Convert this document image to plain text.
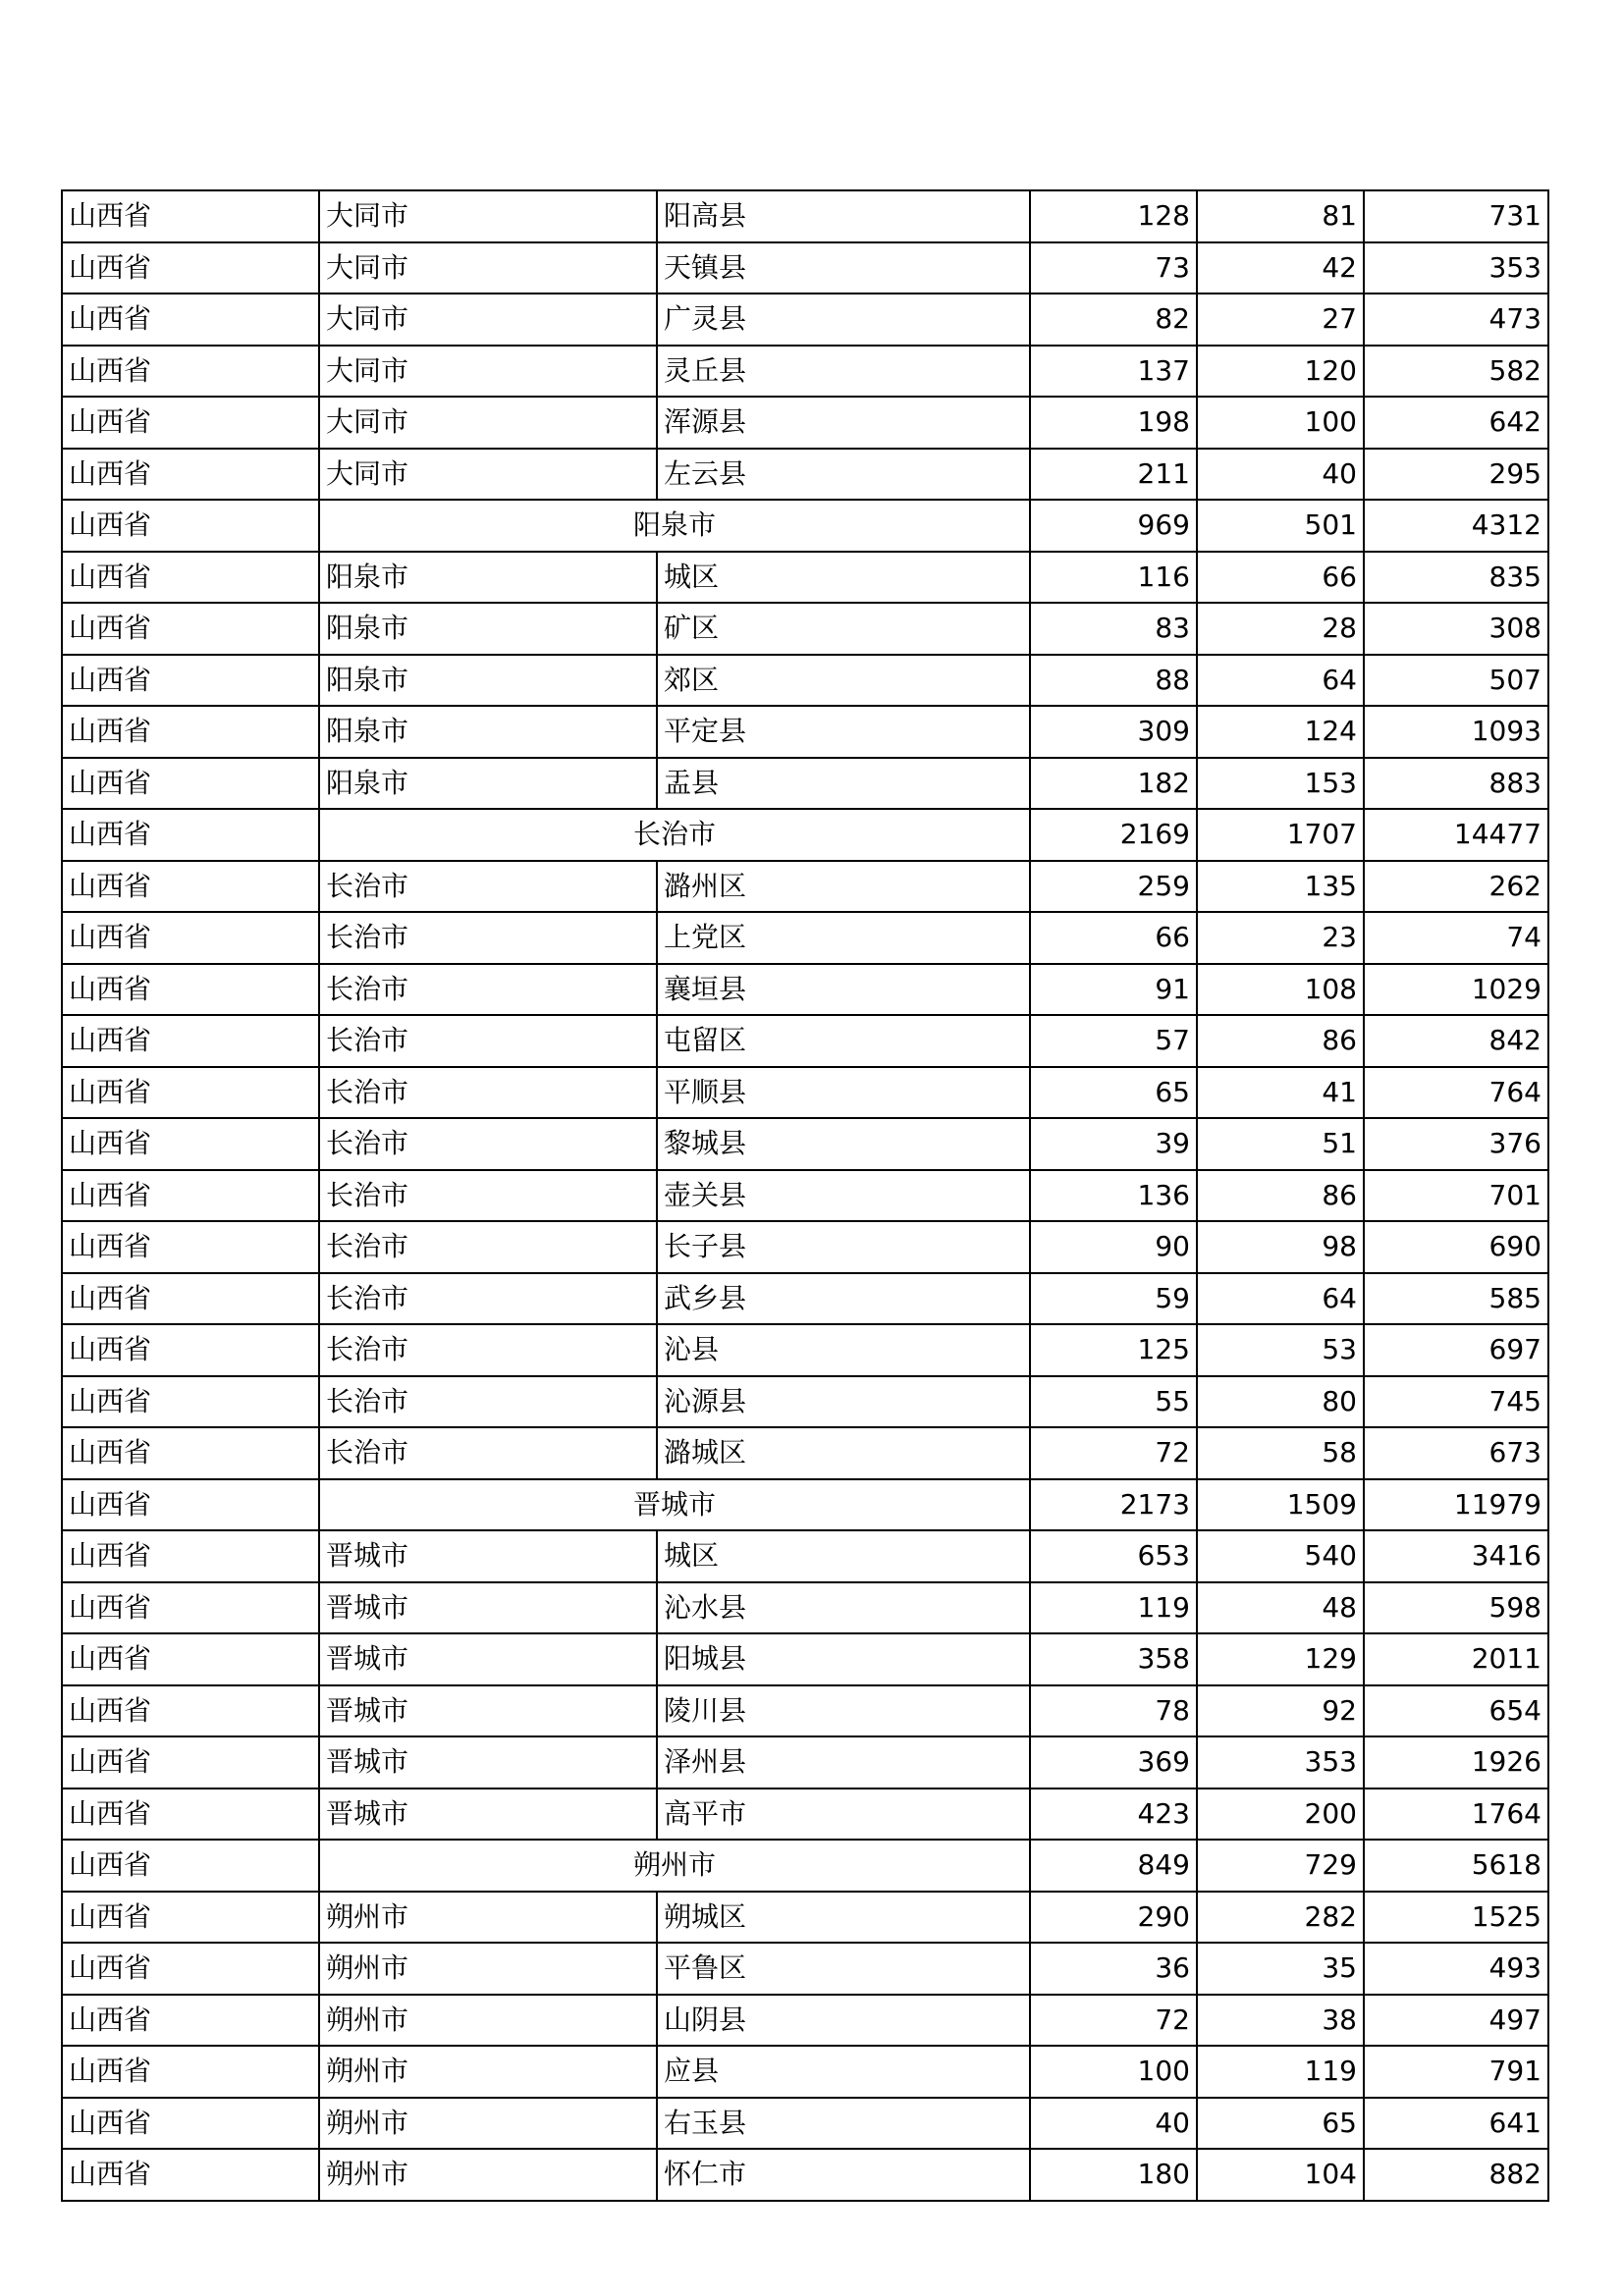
山西省	大同市	阳高县	128	81	731
山西省	大同市	天镇县	73	42	353
山西省	大同市	广灵县	82	27	473
山西省	大同市	灵丘县	137	120	582
山西省	大同市	浑源县	198	100	642
山西省	大同市	左云县	211	40	295
山西省	阳泉市		969	501	4312
山西省	阳泉市	城区	116	66	835
山西省	阳泉市	矿区	83	28	308
山西省	阳泉市	郊区	88	64	507
山西省	阳泉市	平定县	309	124	1093
山西省	阳泉市	盂县	182	153	883
山西省	长治市		2169	1707	14477
山西省	长治市	潞州区	259	135	262
山西省	长治市	上党区	66	23	74
山西省	长治市	襄垣县	91	108	1029
山西省	长治市	屯留区	57	86	842
山西省	长治市	平顺县	65	41	764
山西省	长治市	黎城县	39	51	376
山西省	长治市	壶关县	136	86	701
山西省	长治市	长子县	90	98	690
山西省	长治市	武乡县	59	64	585
山西省	长治市	沁县	125	53	697
山西省	长治市	沁源县	55	80	745
山西省	长治市	潞城区	72	58	673
山西省	晋城市		2173	1509	11979
山西省	晋城市	城区	653	540	3416
山西省	晋城市	沁水县	119	48	598
山西省	晋城市	阳城县	358	129	2011
山西省	晋城市	陵川县	78	92	654
山西省	晋城市	泽州县	369	353	1926
山西省	晋城市	高平市	423	200	1764
山西省	朔州市		849	729	5618
山西省	朔州市	朔城区	290	282	1525
山西省	朔州市	平鲁区	36	35	493
山西省	朔州市	山阴县	72	38	497
山西省	朔州市	应县	100	119	791
山西省	朔州市	右玉县	40	65	641
山西省	朔州市	怀仁市	180	104	882
